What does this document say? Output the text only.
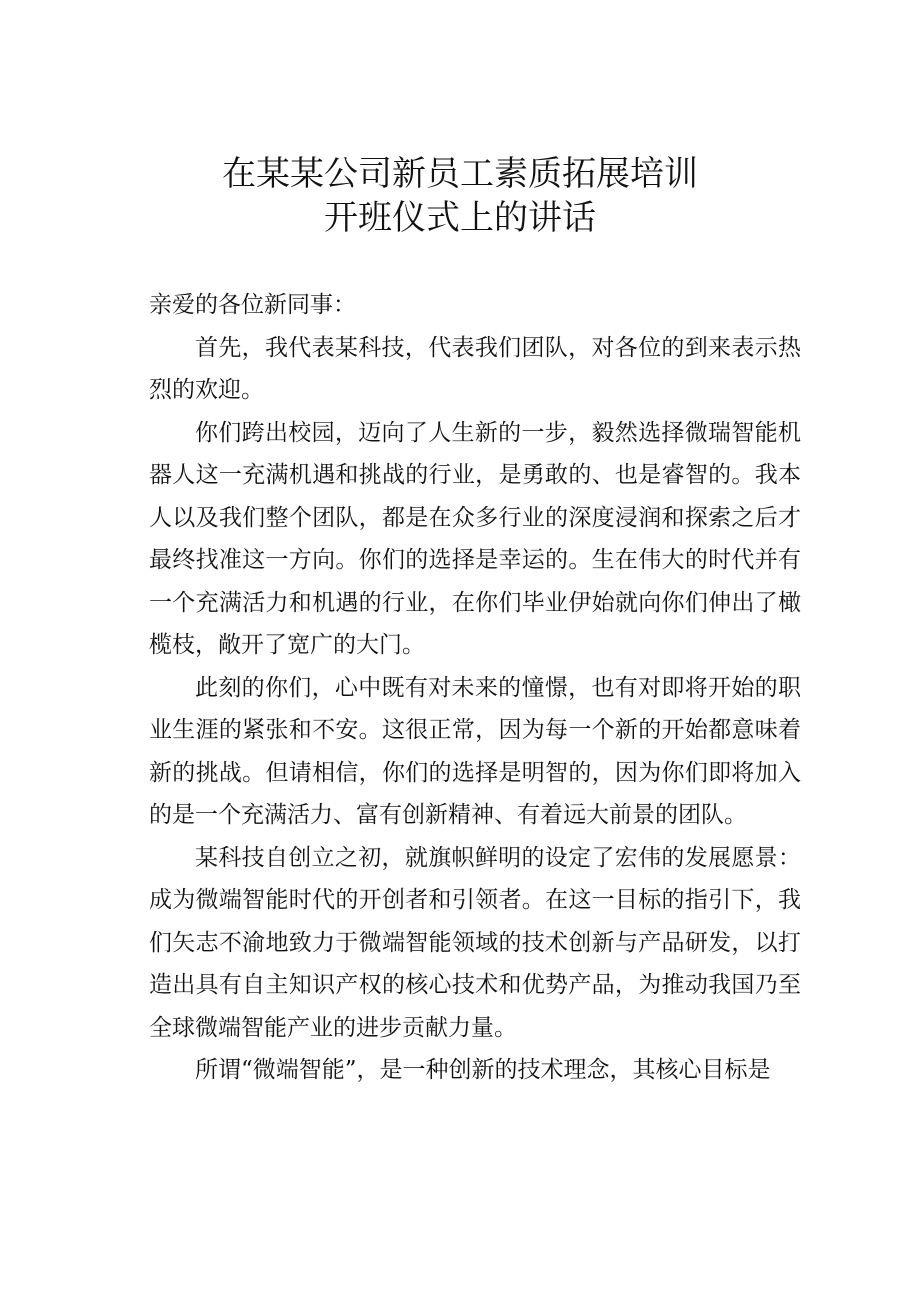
在某某公司新员工素质拓展培训
开班仪式上的讲话

亲爱的各位新同事：

首先，我代表某科技，代表我们团队，对各位的到来表示热烈的欢迎。

你们跨出校园，迈向了人生新的一步，毅然选择微瑞智能机器人这一充满机遇和挑战的行业，是勇敢的、也是睿智的。我本人以及我们整个团队，都是在众多行业的深度浸润和探索之后才最终找准这一方向。你们的选择是幸运的。生在伟大的时代并有一个充满活力和机遇的行业，在你们毕业伊始就向你们伸出了橄榄枝，敞开了宽广的大门。

此刻的你们，心中既有对未来的憧憬，也有对即将开始的职业生涯的紧张和不安。这很正常，因为每一个新的开始都意味着新的挑战。但请相信，你们的选择是明智的，因为你们即将加入的是一个充满活力、富有创新精神、有着远大前景的团队。

某科技自创立之初，就旗帜鲜明的设定了宏伟的发展愿景：成为微端智能时代的开创者和引领者。在这一目标的指引下，我们矢志不渝地致力于微端智能领域的技术创新与产品研发，以打造出具有自主知识产权的核心技术和优势产品，为推动我国乃至全球微端智能产业的进步贡献力量。

所谓“微端智能”，是一种创新的技术理念，其核心目标是
